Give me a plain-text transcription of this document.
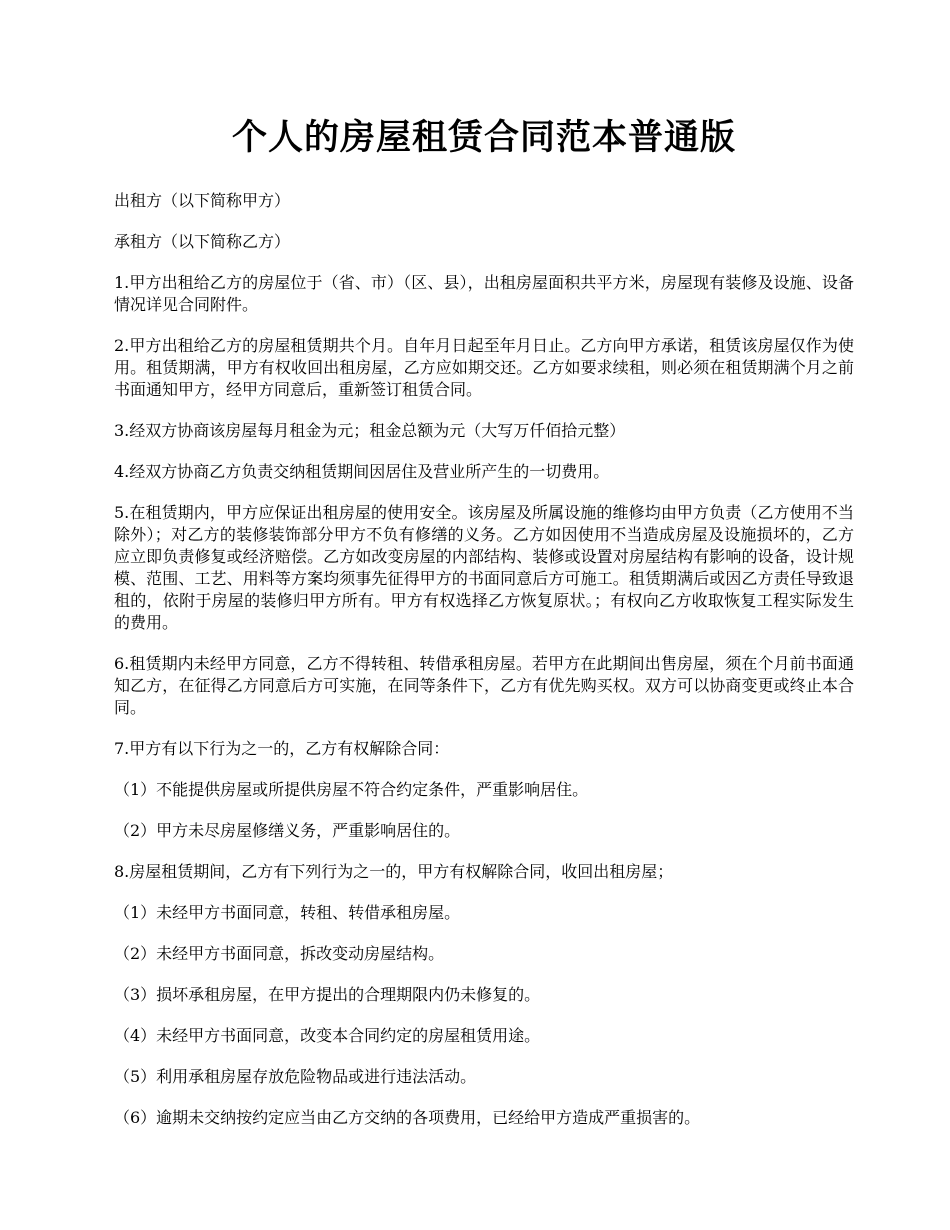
个人的房屋租赁合同范本普通版

出租方（以下简称甲方）

承租方（以下简称乙方）

1.甲方出租给乙方的房屋位于（省、市）（区、县），出租房屋面积共平方米，房屋现有装修及设施、设备情况详见合同附件。

2.甲方出租给乙方的房屋租赁期共个月。自年月日起至年月日止。乙方向甲方承诺，租赁该房屋仅作为使用。租赁期满，甲方有权收回出租房屋，乙方应如期交还。乙方如要求续租，则必须在租赁期满个月之前书面通知甲方，经甲方同意后，重新签订租赁合同。

3.经双方协商该房屋每月租金为元；租金总额为元（大写万仟佰拾元整）

4.经双方协商乙方负责交纳租赁期间因居住及营业所产生的一切费用。

5.在租赁期内，甲方应保证出租房屋的使用安全。该房屋及所属设施的维修均由甲方负责（乙方使用不当除外）；对乙方的装修装饰部分甲方不负有修缮的义务。乙方如因使用不当造成房屋及设施损坏的，乙方应立即负责修复或经济赔偿。乙方如改变房屋的内部结构、装修或设置对房屋结构有影响的设备，设计规模、范围、工艺、用料等方案均须事先征得甲方的书面同意后方可施工。租赁期满后或因乙方责任导致退租的，依附于房屋的装修归甲方所有。甲方有权选择乙方恢复原状。；有权向乙方收取恢复工程实际发生的费用。

6.租赁期内未经甲方同意，乙方不得转租、转借承租房屋。若甲方在此期间出售房屋，须在个月前书面通知乙方，在征得乙方同意后方可实施，在同等条件下，乙方有优先购买权。双方可以协商变更或终止本合同。

7.甲方有以下行为之一的，乙方有权解除合同：

（1）不能提供房屋或所提供房屋不符合约定条件，严重影响居住。

（2）甲方未尽房屋修缮义务，严重影响居住的。

8.房屋租赁期间，乙方有下列行为之一的，甲方有权解除合同，收回出租房屋；

（1）未经甲方书面同意，转租、转借承租房屋。

（2）未经甲方书面同意，拆改变动房屋结构。

（3）损坏承租房屋，在甲方提出的合理期限内仍未修复的。

（4）未经甲方书面同意，改变本合同约定的房屋租赁用途。

（5）利用承租房屋存放危险物品或进行违法活动。

（6）逾期未交纳按约定应当由乙方交纳的各项费用，已经给甲方造成严重损害的。
